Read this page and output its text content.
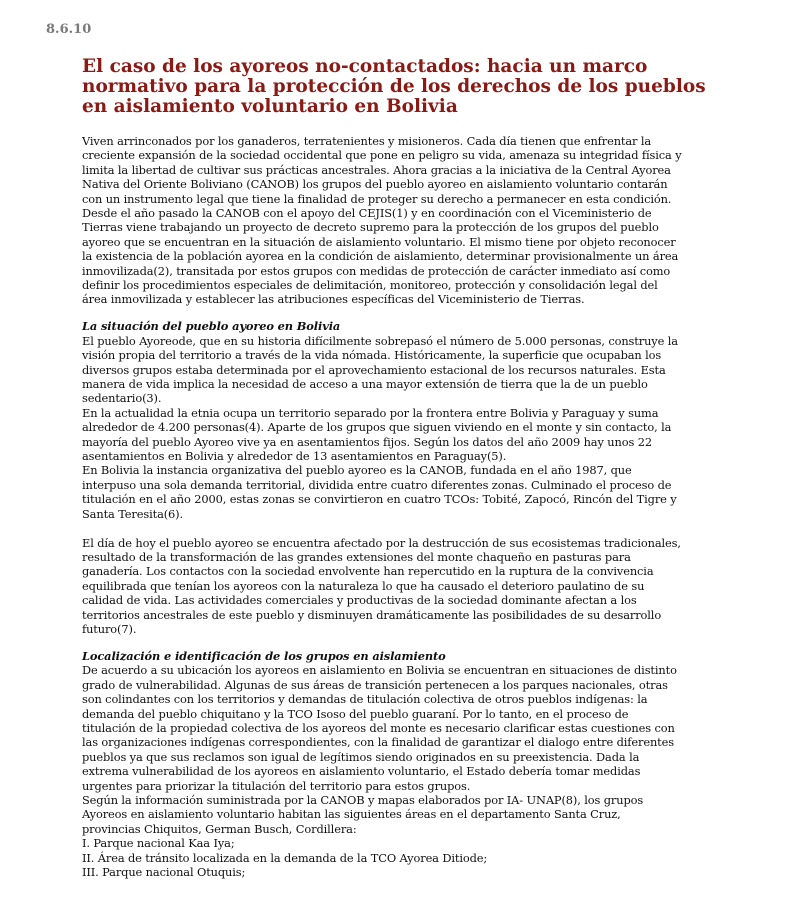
8.6.10
El caso de los ayoreos no-contactados: hacia un marco normativo para la protección de los derechos de los pueblos en aislamiento voluntario en Bolivia

Viven arrinconados por los ganaderos, terratenientes y misioneros. Cada día tienen que enfrentar la creciente expansión de la sociedad occidental que pone en peligro su vida, amenaza su integridad física y limita la libertad de cultivar sus prácticas ancestrales. Ahora gracias a la iniciativa de la Central Ayorea Nativa del Oriente Boliviano (CANOB) los grupos del pueblo ayoreo en aislamiento voluntario contarán con un instrumento legal que tiene la finalidad de proteger su derecho a permanecer en esta condición.

Desde el año pasado la CANOB con el apoyo del CEJIS(1) y en coordinación con el Viceministerio de Tierras viene trabajando un proyecto de decreto supremo para la protección de los grupos del pueblo ayoreo que se encuentran en la situación de aislamiento voluntario. El mismo tiene por objeto reconocer la existencia de la población ayorea en la condición de aislamiento, determinar provisionalmente un área inmovilizada(2), transitada por estos grupos con medidas de protección de carácter inmediato así como definir los procedimientos especiales de delimitación, monitoreo, protección y consolidación legal del área inmovilizada y establecer las atribuciones específicas del Viceministerio de Tierras.

La situación del pueblo ayoreo en Bolivia

El pueblo Ayoreode, que en su historia difícilmente sobrepasó el número de 5.000 personas, construye la visión propia del territorio a través de la vida nómada. Históricamente, la superficie que ocupaban los diversos grupos estaba determinada por el aprovechamiento estacional de los recursos naturales. Esta manera de vida implica la necesidad de acceso a una mayor extensión de tierra que la de un pueblo sedentario(3).

En la actualidad la etnia ocupa un territorio separado por la frontera entre Bolivia y Paraguay y suma alrededor de 4.200 personas(4). Aparte de los grupos que siguen viviendo en el monte y sin contacto, la mayoría del pueblo Ayoreo vive ya en asentamientos fijos. Según los datos del año 2009 hay unos 22 asentamientos en Bolivia y alrededor de 13 asentamientos en Paraguay(5).

En Bolivia la instancia organizativa del pueblo ayoreo es la CANOB, fundada en el año 1987, que interpuso una sola demanda territorial, dividida entre cuatro diferentes zonas. Culminado el proceso de titulación en el año 2000, estas zonas se convirtieron en cuatro TCOs: Tobité, Zapocó, Rincón del Tigre y Santa Teresita(6).

El día de hoy el pueblo ayoreo se encuentra afectado por la destrucción de sus ecosistemas tradicionales, resultado de la transformación de las grandes extensiones del monte chaqueño en pasturas para ganadería. Los contactos con la sociedad envolvente han repercutido en la ruptura de la convivencia equilibrada que tenían los ayoreos con la naturaleza lo que ha causado el deterioro paulatino de su calidad de vida. Las actividades comerciales y productivas de la sociedad dominante afectan a los territorios ancestrales de este pueblo y disminuyen dramáticamente las posibilidades de su desarrollo futuro(7).

Localización e identificación de los grupos en aislamiento

De acuerdo a su ubicación los ayoreos en aislamiento en Bolivia se encuentran en situaciones de distinto grado de vulnerabilidad. Algunas de sus áreas de transición pertenecen a los parques nacionales, otras son colindantes con los territorios y demandas de titulación colectiva de otros pueblos indígenas: la demanda del pueblo chiquitano y la TCO Isoso del pueblo guaraní. Por lo tanto, en el proceso de titulación de la propiedad colectiva de los ayoreos del monte es necesario clarificar estas cuestiones con las organizaciones indígenas correspondientes, con la finalidad de garantizar el dialogo entre diferentes pueblos ya que sus reclamos son igual de legítimos siendo originados en su preexistencia. Dada la extrema vulnerabilidad de los ayoreos en aislamiento voluntario, el Estado debería tomar medidas urgentes para priorizar la titulación del territorio para estos grupos.

Según la información suministrada por la CANOB y mapas elaborados por IA- UNAP(8), los grupos Ayoreos en aislamiento voluntario habitan las siguientes áreas en el departamento Santa Cruz, provincias Chiquitos, German Busch, Cordillera:

I. Parque nacional Kaa Iya;

II. Área de tránsito localizada en la demanda de la TCO Ayorea Ditiode;

III. Parque nacional Otuquis;
